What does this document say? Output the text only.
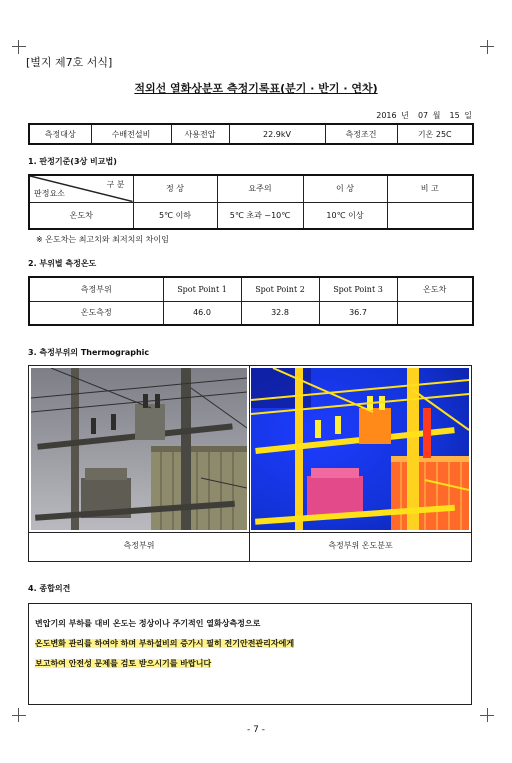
[별지 제7호 서식]
적외선 열화상분포 측정기록표(분기 · 반기 · 연차)
2016 년 07 월 15 일
측정대상	수배전설비	사용전압	22.9kV	측정조건	기온 25C
1. 판정기준(3상 비교법)
구 분
판정요소	정 상	요주의	이 상	비 고
온도차	5℃ 이하	5℃ 초과 ~10℃	10℃ 이상	
※ 온도차는 최고치와 최저치의 차이임
2. 부위별 측정온도
측정부위	Spot Point 1	Spot Point 2	Spot Point 3	온도차
온도측정	46.0	32.8	36.7	
3. 측정부위의 Thermographic
측정부위	측정부위 온도분포
4. 종합의견
변압기의 부하를 대비 온도는 정상이나 주기적인 열화상측정으로
온도변화 관리를 하여야 하며 부하설비의 증가시 필히 전기안전관리자에게
보고하여 안전성 문제를 검토 받으시기를 바랍니다
- 7 -
